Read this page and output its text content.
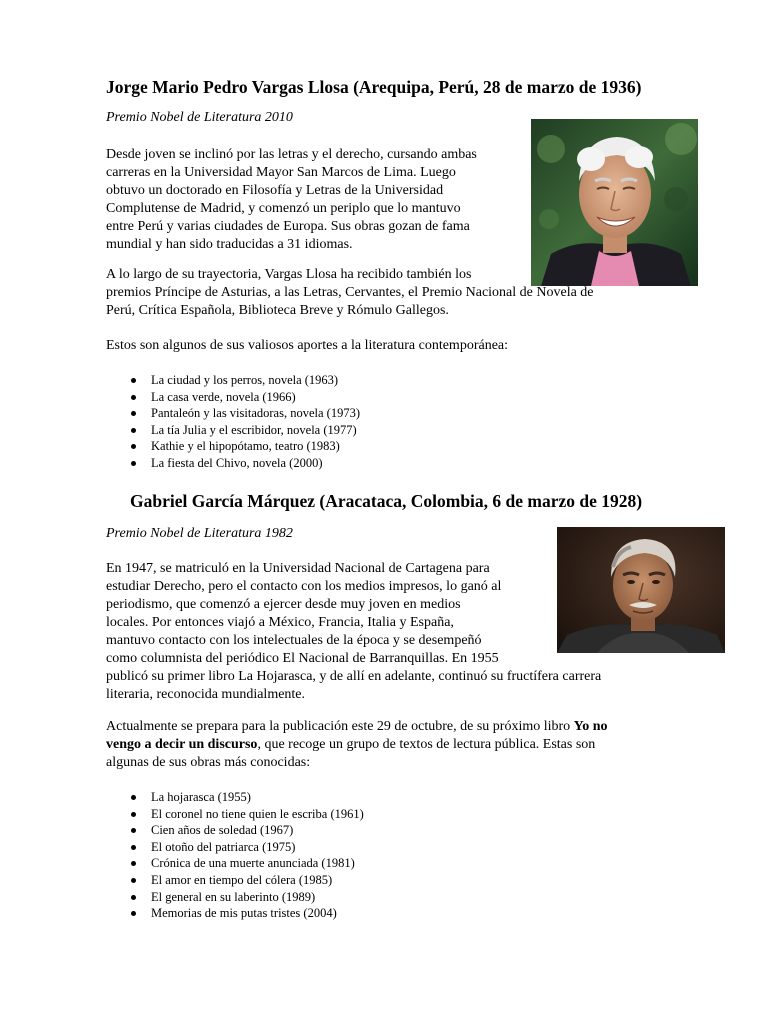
Jorge Mario Pedro Vargas Llosa (Arequipa, Perú, 28 de marzo de 1936)
Premio Nobel de Literatura 2010
Desde joven se inclinó por las letras y el derecho, cursando ambas
carreras en la Universidad Mayor San Marcos de Lima. Luego
obtuvo un doctorado en Filosofía y Letras de la Universidad
Complutense de Madrid, y comenzó un periplo que lo mantuvo
entre Perú y varias ciudades de Europa. Sus obras gozan de fama
mundial y han sido traducidas a 31 idiomas.
A lo largo de su trayectoria, Vargas Llosa ha recibido también los
premios Príncipe de Asturias, a las Letras, Cervantes, el Premio Nacional de Novela de
Perú, Crítica Española, Biblioteca Breve y Rómulo Gallegos.
Estos son algunos de sus valiosos aportes a la literatura contemporánea:
La ciudad y los perros, novela (1963)
La casa verde, novela (1966)
Pantaleón y las visitadoras, novela (1973)
La tía Julia y el escribidor, novela (1977)
Kathie y el hipopótamo, teatro (1983)
La fiesta del Chivo, novela (2000)
Gabriel García Márquez (Aracataca, Colombia, 6 de marzo de 1928)
Premio Nobel de Literatura 1982
En 1947, se matriculó en la Universidad Nacional de Cartagena para
estudiar Derecho, pero el contacto con los medios impresos, lo ganó al
periodismo, que comenzó a ejercer desde muy joven en medios
locales. Por entonces viajó a México, Francia, Italia y España,
mantuvo contacto con los intelectuales de la época y se desempeñó
como columnista del periódico El Nacional de Barranquillas. En 1955
publicó su primer libro La Hojarasca, y de allí en adelante, continuó su fructífera carrera
literaria, reconocida mundialmente.
Actualmente se prepara para la publicación este 29 de octubre, de su próximo libro Yo no
vengo a decir un discurso, que recoge un grupo de textos de lectura pública. Estas son
algunas de sus obras más conocidas:
La hojarasca (1955)
El coronel no tiene quien le escriba (1961)
Cien años de soledad (1967)
El otoño del patriarca (1975)
Crónica de una muerte anunciada (1981)
El amor en tiempo del cólera (1985)
El general en su laberinto (1989)
Memorias de mis putas tristes (2004)
